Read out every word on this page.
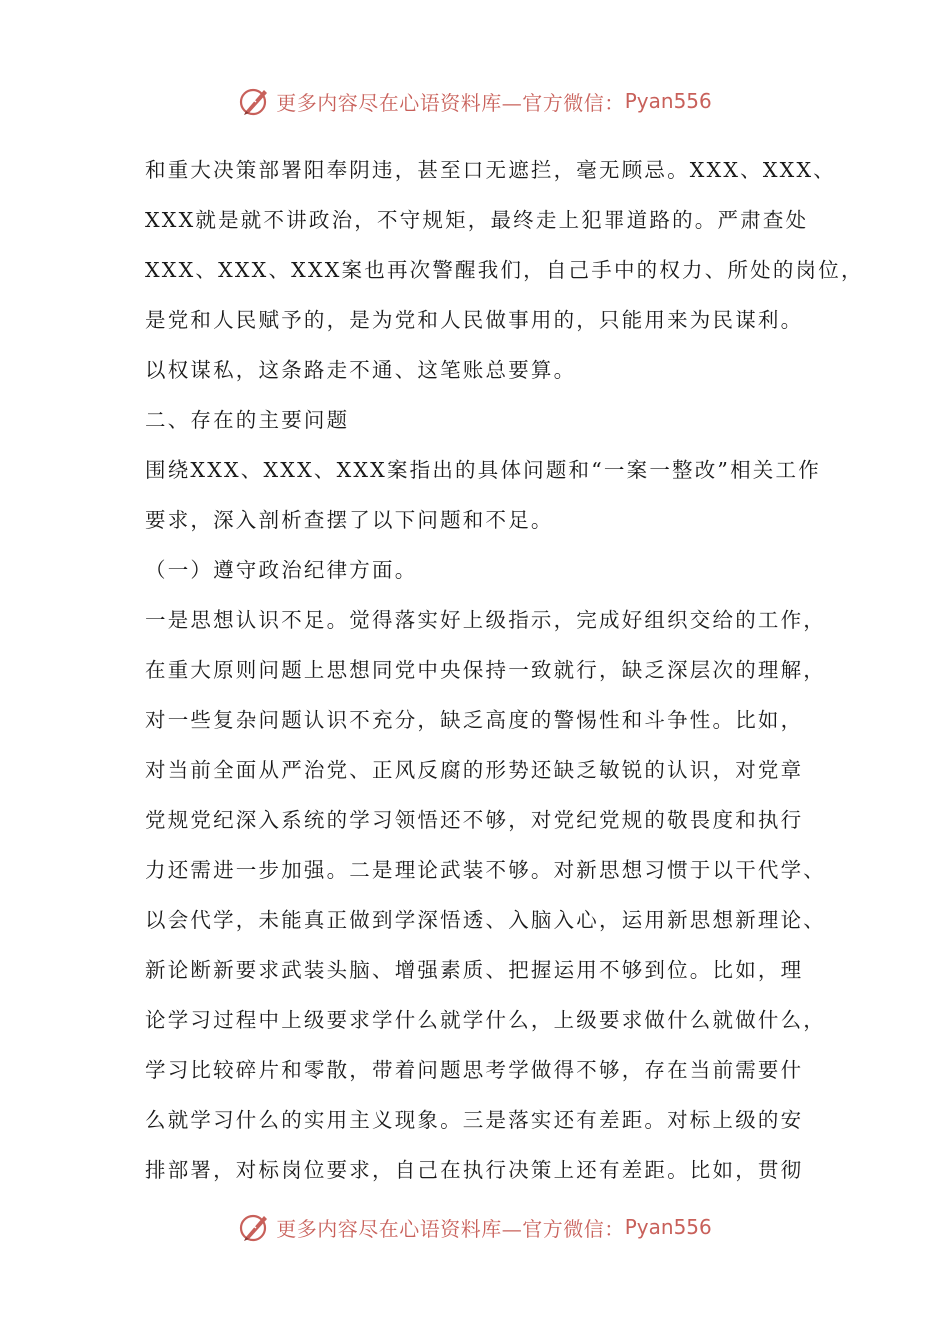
更多内容尽在心语资料库—官方微信： Pyan556
和重大决策部署阳奉阴违，甚至口无遮拦，毫无顾忌。XXX、XXX、
XXX就是就不讲政治，不守规矩，最终走上犯罪道路的。严肃查处
XXX、XXX、XXX案也再次警醒我们，自己手中的权力、所处的岗位，
是党和人民赋予的，是为党和人民做事用的，只能用来为民谋利。
以权谋私，这条路走不通、这笔账总要算。
二、存在的主要问题
围绕XXX、XXX、XXX案指出的具体问题和“一案一整改”相关工作
要求，深入剖析查摆了以下问题和不足。
（一）遵守政治纪律方面。
一是思想认识不足。觉得落实好上级指示，完成好组织交给的工作，
在重大原则问题上思想同党中央保持一致就行，缺乏深层次的理解，
对一些复杂问题认识不充分，缺乏高度的警惕性和斗争性。比如，
对当前全面从严治党、正风反腐的形势还缺乏敏锐的认识，对党章
党规党纪深入系统的学习领悟还不够，对党纪党规的敬畏度和执行
力还需进一步加强。二是理论武装不够。对新思想习惯于以干代学、
以会代学，未能真正做到学深悟透、入脑入心，运用新思想新理论、
新论断新要求武装头脑、增强素质、把握运用不够到位。比如，理
论学习过程中上级要求学什么就学什么，上级要求做什么就做什么，
学习比较碎片和零散，带着问题思考学做得不够，存在当前需要什
么就学习什么的实用主义现象。三是落实还有差距。对标上级的安
排部署，对标岗位要求，自己在执行决策上还有差距。比如，贯彻
更多内容尽在心语资料库—官方微信： Pyan556
